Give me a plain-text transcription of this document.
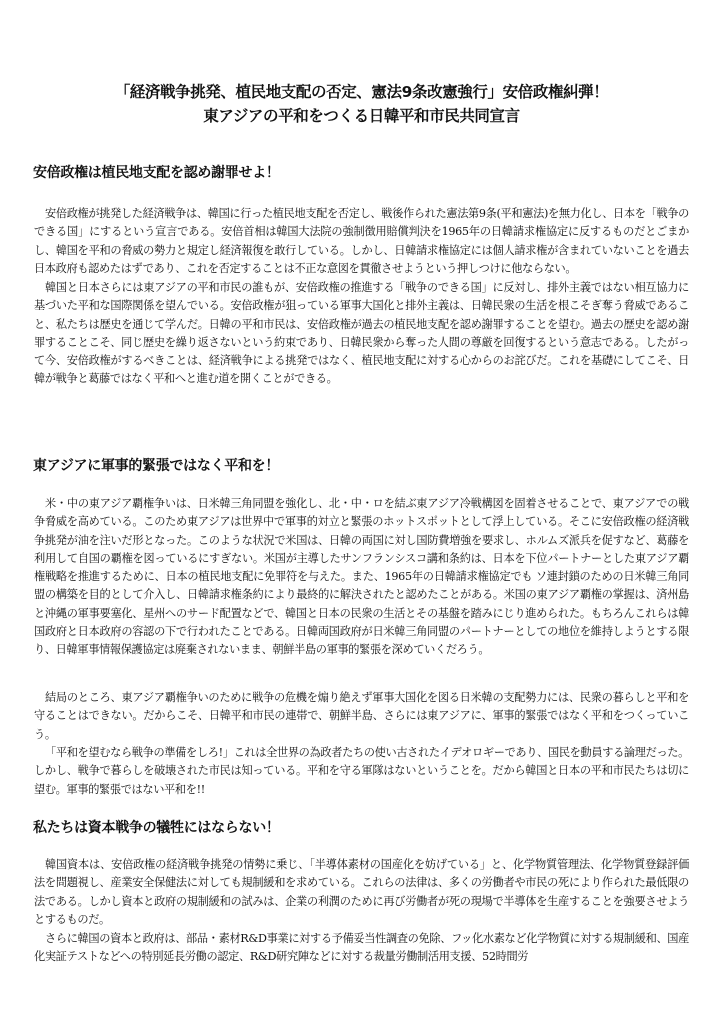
「経済戦争挑発、植民地支配の否定、憲法9条改憲強行」安倍政権糾弾！
東アジアの平和をつくる日韓平和市民共同宣言
安倍政権は植民地支配を認め謝罪せよ！

安倍政権が挑発した経済戦争は、韓国に行った植民地支配を否定し、戦後作られた憲法第9条(平和憲法)を無力化し、日本を「戦争のできる国」にするという宣言である。安倍首相は韓国大法院の強制徴用賠償判決を1965年の日韓請求権協定に反するものだとごまかし、韓国を平和の脅威の勢力と規定し経済報復を敢行している。しかし、日韓請求権協定には個人請求権が含まれていないことを過去日本政府も認めたはずであり、これを否定することは不正な意図を貫徹させようという押しつけに他ならない。

韓国と日本さらには東アジアの平和市民の誰もが、安倍政権の推進する「戦争のできる国」に反対し、排外主義ではない相互協力に基づいた平和な国際関係を望んでいる。安倍政権が狙っている軍事大国化と排外主義は、日韓民衆の生活を根こそぎ奪う脅威であること、私たちは歴史を通じて学んだ。日韓の平和市民は、安倍政権が過去の植民地支配を認め謝罪することを望む。過去の歴史を認め謝罪することこそ、同じ歴史を繰り返さないという約束であり、日韓民衆から奪った人間の尊厳を回復するという意志である。したがって今、安倍政権がするべきことは、経済戦争による挑発ではなく、植民地支配に対する心からのお詫びだ。これを基礎にしてこそ、日韓が戦争と葛藤ではなく平和へと進む道を開くことができる。

東アジアに軍事的緊張ではなく平和を！

米・中の東アジア覇権争いは、日米韓三角同盟を強化し、北・中・ロを結ぶ東アジア冷戦構図を固着させることで、東アジアでの戦争脅威を高めている。このため東アジアは世界中で軍事的対立と緊張のホットスポットとして浮上している。そこに安倍政権の経済戦争挑発が油を注いだ形となった。このような状況で米国は、日韓の両国に対し国防費増強を要求し、ホルムズ派兵を促すなど、葛藤を利用して自国の覇権を図っているにすぎない。米国が主導したサンフランシスコ講和条約は、日本を下位パートナーとした東アジア覇権戦略を推進するために、日本の植民地支配に免罪符を与えた。また、1965年の日韓請求権協定でも ソ連封鎖のための日米韓三角同盟の構築を目的として介入し、日韓請求権条約により最終的に解決されたと認めたことがある。米国の東アジア覇権の掌握は、済州島と沖縄の軍事要塞化、星州へのサード配置などで、韓国と日本の民衆の生活とその基盤を踏みにじり進められた。もちろんこれらは韓国政府と日本政府の容認の下で行われたことである。日韓両国政府が日米韓三角同盟のパートナーとしての地位を維持しようとする限り、日韓軍事情報保護協定は廃棄されないまま、朝鮮半島の軍事的緊張を深めていくだろう。

結局のところ、東アジア覇権争いのために戦争の危機を煽り絶えず軍事大国化を図る日米韓の支配勢力には、民衆の暮らしと平和を守ることはできない。だからこそ、日韓平和市民の連帯で、朝鮮半島、さらには東アジアに、軍事的緊張ではなく平和をつくっていこう。

「平和を望むなら戦争の準備をしろ!」これは全世界の為政者たちの使い古されたイデオロギーであり、国民を動員する論理だった。しかし、戦争で暮らしを破壊された市民は知っている。平和を守る軍隊はないということを。だから韓国と日本の平和市民たちは切に望む。軍事的緊張ではない平和を!!

私たちは資本戦争の犠牲にはならない！

韓国資本は、安倍政権の経済戦争挑発の情勢に乗じ、「半導体素材の国産化を妨げている」と、化学物質管理法、化学物質登録評価法を問題視し、産業安全保健法に対しても規制緩和を求めている。これらの法律は、多くの労働者や市民の死により作られた最低限の法である。しかし資本と政府の規制緩和の試みは、企業の利潤のために再び労働者が死の現場で半導体を生産することを強要させようとするものだ。

さらに韓国の資本と政府は、部品・素材R&D事業に対する予備妥当性調査の免除、フッ化水素など化学物質に対する規制緩和、国産化実証テストなどへの特別延長労働の認定、R&D研究陣などに対する裁量労働制活用支援、52時間労
